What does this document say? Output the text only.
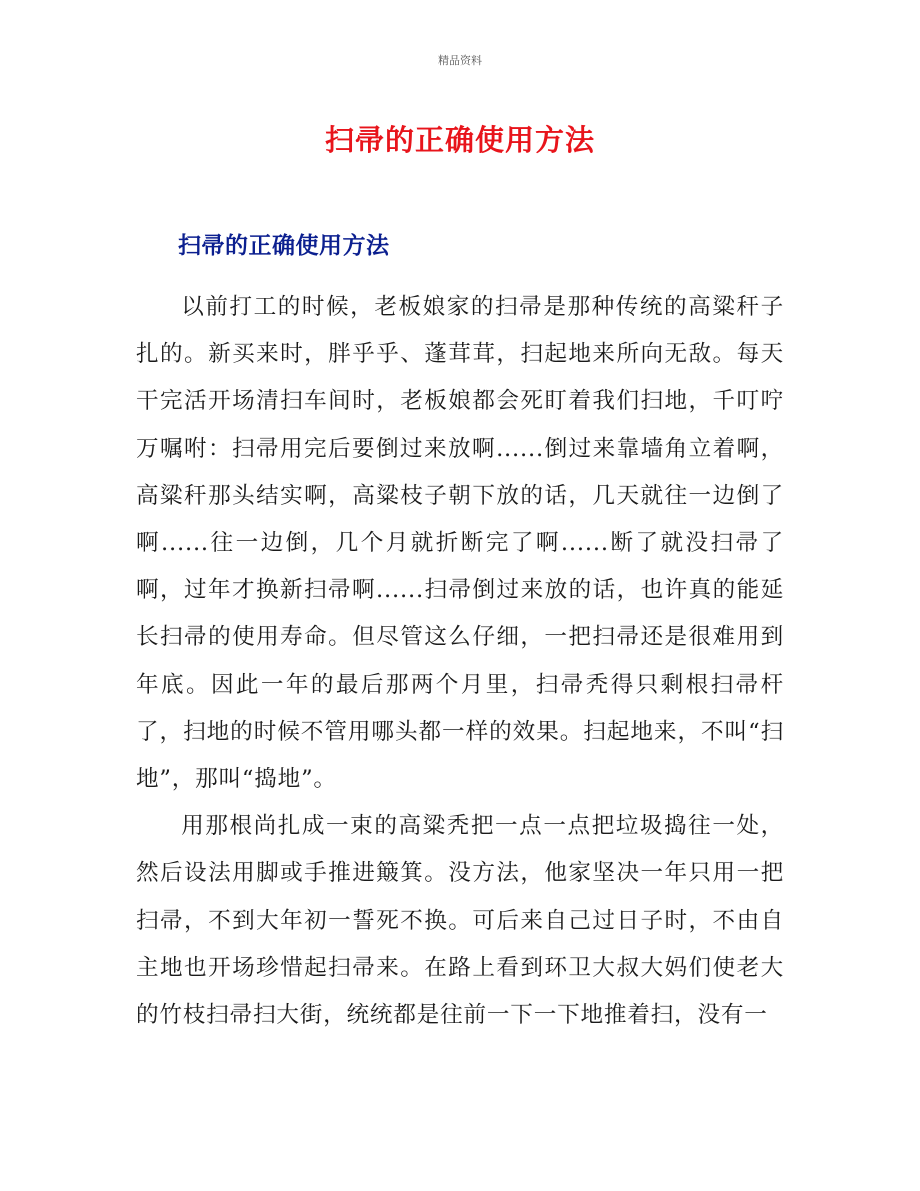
精品资料
扫帚的正确使用方法
扫帚的正确使用方法

以前打工的时候，老板娘家的扫帚是那种传统的高粱秆子扎的。新买来时，胖乎乎、蓬茸茸，扫起地来所向无敌。每天干完活开场清扫车间时，老板娘都会死盯着我们扫地，千叮咛万嘱咐：扫帚用完后要倒过来放啊......倒过来靠墙角立着啊，高粱秆那头结实啊，高粱枝子朝下放的话，几天就往一边倒了啊......往一边倒，几个月就折断完了啊......断了就没扫帚了啊，过年才换新扫帚啊......扫帚倒过来放的话，也许真的能延长扫帚的使用寿命。但尽管这么仔细，一把扫帚还是很难用到年底。因此一年的最后那两个月里，扫帚秃得只剩根扫帚杆了，扫地的时候不管用哪头都一样的效果。扫起地来，不叫“扫地”，那叫“捣地”。

用那根尚扎成一束的高粱秃把一点一点把垃圾捣往一处，然后设法用脚或手推进簸箕。没方法，他家坚决一年只用一把扫帚，不到大年初一誓死不换。可后来自己过日子时，不由自主地也开场珍惜起扫帚来。在路上看到环卫大叔大妈们使老大的竹枝扫帚扫大街，统统都是往前一下一下地推着扫，没有一
